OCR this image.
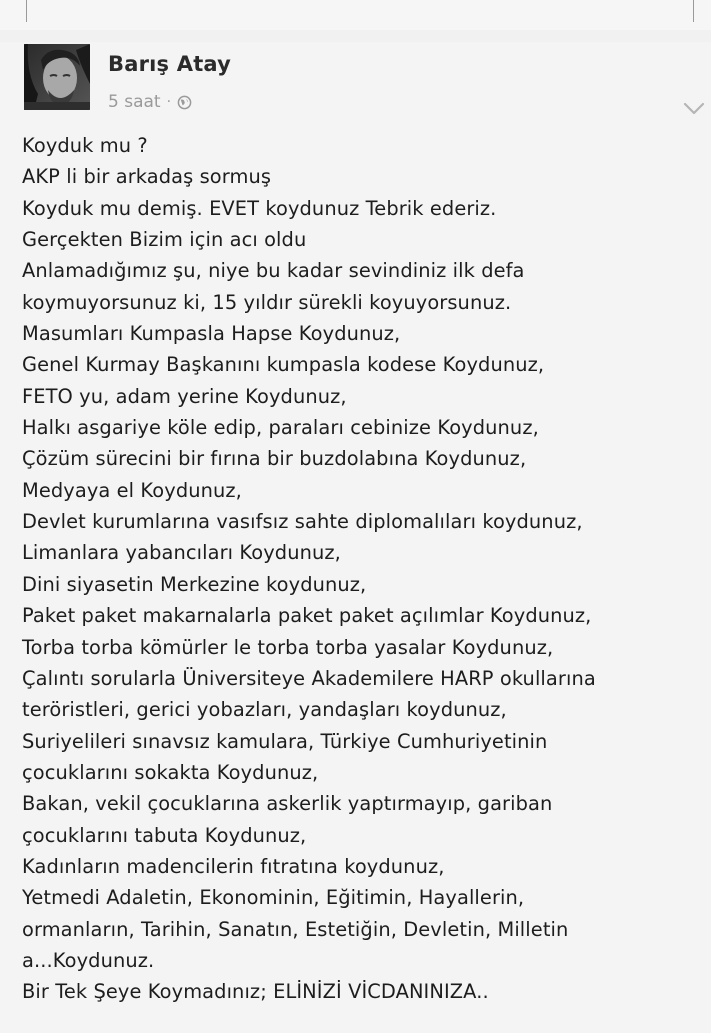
Barış Atay
5 saat ·
Koyduk mu ?
AKP li bir arkadaş sormuş
Koyduk mu demiş. EVET koydunuz Tebrik ederiz.
Gerçekten Bizim için acı oldu
Anlamadığımız şu, niye bu kadar sevindiniz ilk defa
koymuyorsunuz ki, 15 yıldır sürekli koyuyorsunuz.
Masumları Kumpasla Hapse Koydunuz,
Genel Kurmay Başkanını kumpasla kodese Koydunuz,
FETO yu, adam yerine Koydunuz,
Halkı asgariye köle edip, paraları cebinize Koydunuz,
Çözüm sürecini bir fırına bir buzdolabına Koydunuz,
Medyaya el Koydunuz,
Devlet kurumlarına vasıfsız sahte diplomalıları koydunuz,
Limanlara yabancıları Koydunuz,
Dini siyasetin Merkezine koydunuz,
Paket paket makarnalarla paket paket açılımlar Koydunuz,
Torba torba kömürler le torba torba yasalar Koydunuz,
Çalıntı sorularla Üniversiteye Akademilere HARP okullarına
teröristleri, gerici yobazları, yandaşları koydunuz,
Suriyelileri sınavsız kamulara, Türkiye Cumhuriyetinin
çocuklarını sokakta Koydunuz,
Bakan, vekil çocuklarına askerlik yaptırmayıp, gariban
çocuklarını tabuta Koydunuz,
Kadınların madencilerin fıtratına koydunuz,
Yetmedi Adaletin, Ekonominin, Eğitimin, Hayallerin,
ormanların, Tarihin, Sanatın, Estetiğin, Devletin, Milletin
a...Koydunuz.
Bir Tek Şeye Koymadınız; ELİNİZİ VİCDANINIZA..
